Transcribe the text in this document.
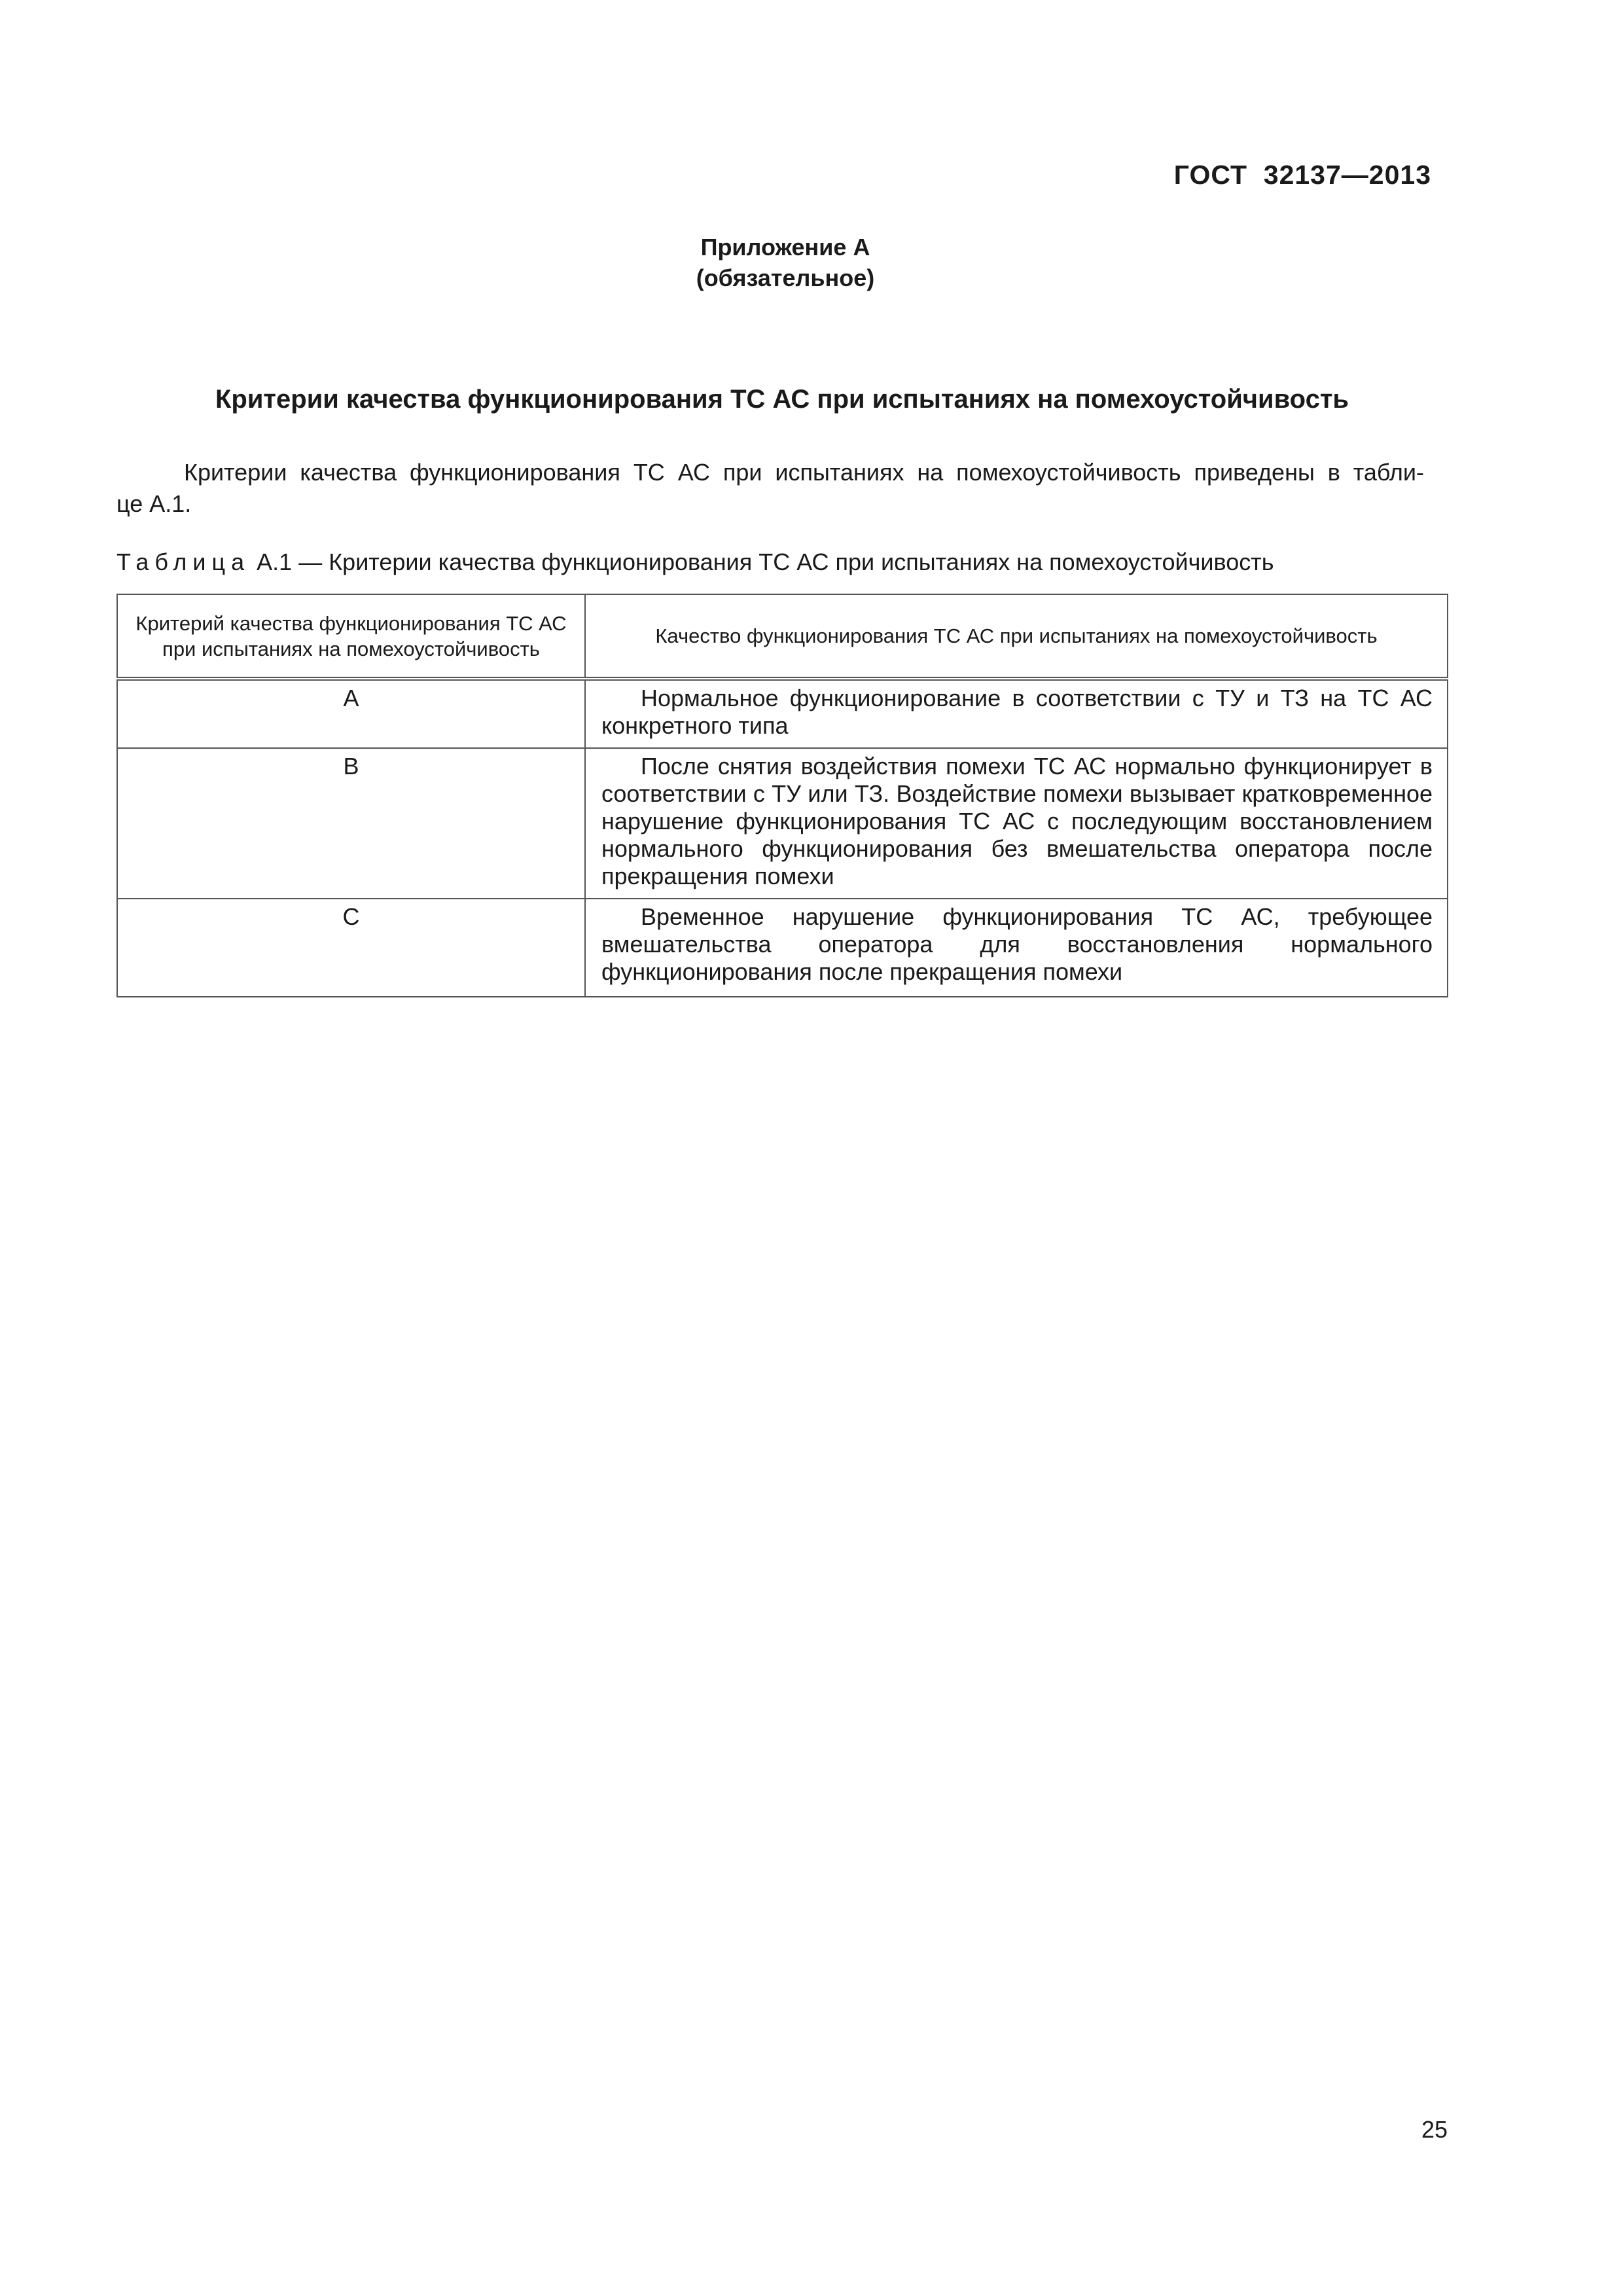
ГОСТ  32137—2013
Приложение А
(обязательное)
Критерии качества функционирования ТС АС при испытаниях на помехоустойчивость
Критерии качества функционирования ТС АС при испытаниях на помехоустойчивость приведены в табли-
це А.1.
Таблица А.1 — Критерии качества функционирования ТС АС при испытаниях на помехоустойчивость
Критерий качества функционирования ТС АС при испытаниях на помехоустойчивость	Качество функционирования ТС АС при испытаниях на помехоустойчивость
А	Нормальное функционирование в соответствии с ТУ и ТЗ на ТС АС конкретного типа

В	После снятия воздействия помехи ТС АС нормально функционирует в соответствии с ТУ или ТЗ. Воздействие помехи вызывает кратковременное нарушение функционирования ТС АС с последующим восстановлением нормального функционирования без вмешательства оператора после прекращения помехи

С	Временное нарушение функционирования ТС АС, требующее вмешательства оператора для восстановления нормального функционирования после прекращения помехи
25
